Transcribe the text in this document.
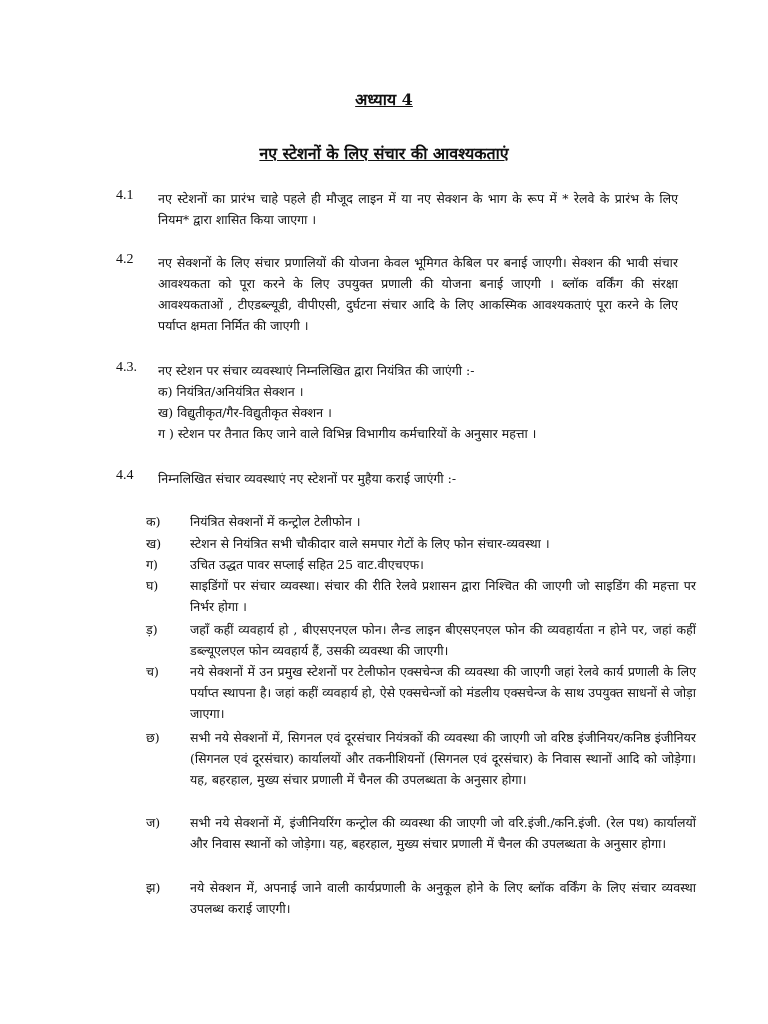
अध्याय 4
नए स्टेशनों के लिए संचार की आवश्यकताएं
4.1	नए स्टेशनों का प्रारंभ चाहे पहले ही मौजूद लाइन में या नए सेक्शन के भाग के रूप में * रेलवे के प्रारंभ के लिए नियम* द्वारा शासित किया जाएगा ।
4.2	नए सेक्शनों के लिए संचार प्रणालियों की योजना केवल भूमिगत केबिल पर बनाई जाएगी। सेक्शन की भावी संचार आवश्यकता को पूरा करने के लिए उपयुक्त प्रणाली की योजना बनाई जाएगी । ब्लॉक वर्किंग की संरक्षा आवश्यकताओं , टीएडब्ल्यूडी, वीपीएसी, दुर्घटना संचार आदि के लिए आकस्मिक आवश्यकताएं पूरा करने के लिए पर्याप्त क्षमता निर्मित की जाएगी ।
4.3.	नए स्टेशन पर संचार व्यवस्थाएं निम्नलिखित द्वारा नियंत्रित की जाएंगी :-

क) नियंत्रित/अनियंत्रित सेक्शन ।

ख) विद्युतीकृत/गैर-विद्युतीकृत सेक्शन ।

ग ) स्टेशन पर तैनात किए जाने वाले विभिन्न विभागीय कर्मचारियों के अनुसार महत्ता ।

4.4	निम्नलिखित संचार व्यवस्थाएं नए स्टेशनों पर मुहैया कराई जाएंगी :-
क)	नियंत्रित सेक्शनों में कन्ट्रोल टेलीफोन ।
ख)	स्टेशन से नियंत्रित सभी चौकीदार वाले समपार गेटों के लिए फोन संचार-व्यवस्था ।
ग)	उचित उद्धत पावर सप्लाई सहित 25 वाट.वीएचएफ।
घ)	साइडिंगों पर संचार व्यवस्था। संचार की रीति रेलवे प्रशासन द्वारा निश्चित की जाएगी जो साइडिंग की महत्ता पर निर्भर होगा ।
ड़)	जहाँ कहीं व्यवहार्य हो , बीएसएनएल फोन। लैन्ड लाइन बीएसएनएल फोन की व्यवहार्यता न होने पर, जहां कहीं डब्ल्यूएलएल फोन व्यवहार्य हैं, उसकी व्यवस्था की जाएगी।
च)	नये सेक्शनों में उन प्रमुख स्टेशनों पर टेलीफोन एक्सचेन्ज की व्यवस्था की जाएगी जहां रेलवे कार्य प्रणाली के लिए पर्याप्त स्थापना है। जहां कहीं व्यवहार्य हो, ऐसे एक्सचेन्जों को मंडलीय एक्सचेन्ज के साथ उपयुक्त साधनों से जोड़ा जाएगा।
छ)	सभी नये सेक्शनों में, सिगनल एवं दूरसंचार नियंत्रकों की व्यवस्था की जाएगी जो वरिष्ठ इंजीनियर/कनिष्ठ इंजीनियर (सिगनल एवं दूरसंचार) कार्यालयों और तकनीशियनों (सिगनल एवं दूरसंचार) के निवास स्थानों आदि को जोड़ेगा। यह, बहरहाल, मुख्य संचार प्रणाली में चैनल की उपलब्धता के अनुसार होगा।
ज)	सभी नये सेक्शनों में, इंजीनियरिंग कन्ट्रोल की व्यवस्था की जाएगी जो वरि.इंजी./कनि.इंजी. (रेल पथ) कार्यालयों और निवास स्थानों को जोड़ेगा। यह, बहरहाल, मुख्य संचार प्रणाली में चैनल की उपलब्धता के अनुसार होगा।
झ)	नये सेक्शन में, अपनाई जाने वाली कार्यप्रणाली के अनुकूल होने के लिए ब्लॉक वर्किंग के लिए संचार व्यवस्था उपलब्ध कराई जाएगी।
